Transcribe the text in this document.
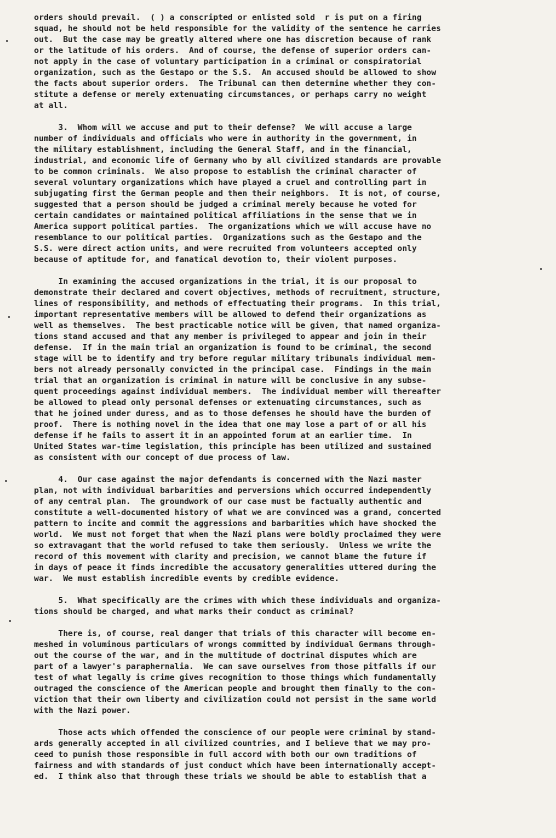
orders should prevail.  ( ) a conscripted or enlisted sold  r is put on a firing
squad, he should not be held responsible for the validity of the sentence he carries
out.  But the case may be greatly altered where one has discretion because of rank
or the latitude of his orders.  And of course, the defense of superior orders can-
not apply in the case of voluntary participation in a criminal or conspiratorial
organization, such as the Gestapo or the S.S.  An accused should be allowed to show
the facts about superior orders.  The Tribunal can then determine whether they con-
stitute a defense or merely extenuating circumstances, or perhaps carry no weight
at all.
3.  Whom will we accuse and put to their defense?  We will accuse a large
number of individuals and officials who were in authority in the government, in
the military establishment, including the General Staff, and in the financial,
industrial, and economic life of Germany who by all civilized standards are provable
to be common criminals.  We also propose to establish the criminal character of
several voluntary organizations which have played a cruel and controlling part in
subjugating first the German people and then their neighbors.  It is not, of course,
suggested that a person should be judged a criminal merely because he voted for
certain candidates or maintained political affiliations in the sense that we in
America support political parties.  The organizations which we will accuse have no
resemblance to our political parties.  Organizations such as the Gestapo and the
S.S. were direct action units, and were recruited from volunteers accepted only
because of aptitude for, and fanatical devotion to, their violent purposes.
In examining the accused organizations in the trial, it is our proposal to
demonstrate their declared and covert objectives, methods of recruitment, structure,
lines of responsibility, and methods of effectuating their programs.  In this trial,
important representative members will be allowed to defend their organizations as
well as themselves.  The best practicable notice will be given, that named organiza-
tions stand accused and that any member is privileged to appear and join in their
defense.  If in the main trial an organization is found to be criminal, the second
stage will be to identify and try before regular military tribunals individual mem-
bers not already personally convicted in the principal case.  Findings in the main
trial that an organization is criminal in nature will be conclusive in any subse-
quent proceedings against individual members.  The individual member will thereafter
be allowed to plead only personal defenses or extenuating circumstances, such as
that he joined under duress, and as to those defenses he should have the burden of
proof.  There is nothing novel in the idea that one may lose a part of or all his
defense if he fails to assert it in an appointed forum at an earlier time.  In
United States war-time legislation, this principle has been utilized and sustained
as consistent with our concept of due process of law.
4.  Our case against the major defendants is concerned with the Nazi master
plan, not with individual barbarities and perversions which occurred independently
of any central plan.  The groundwork of our case must be factually authentic and
constitute a well-documented history of what we are convinced was a grand, concerted
pattern to incite and commit the aggressions and barbarities which have shocked the
world.  We must not forget that when the Nazi plans were boldly proclaimed they were
so extravagant that the world refused to take them seriously.  Unless we write the
record of this movement with clarity and precision, we cannot blame the future if
in days of peace it finds incredible the accusatory generalities uttered during the
war.  We must establish incredible events by credible evidence.
5.  What specifically are the crimes with which these individuals and organiza-
tions should be charged, and what marks their conduct as criminal?
There is, of course, real danger that trials of this character will become en-
meshed in voluminous particulars of wrongs committed by individual Germans through-
out the course of the war, and in the multitude of doctrinal disputes which are
part of a lawyer's paraphernalia.  We can save ourselves from those pitfalls if our
test of what legally is crime gives recognition to those things which fundamentally
outraged the conscience of the American people and brought them finally to the con-
viction that their own liberty and civilization could not persist in the same world
with the Nazi power.
Those acts which offended the conscience of our people were criminal by stand-
ards generally accepted in all civilized countries, and I believe that we may pro-
ceed to punish those responsible in full accord with both our own traditions of
fairness and with standards of just conduct which have been internationally accept-
ed.  I think also that through these trials we should be able to establish that a
